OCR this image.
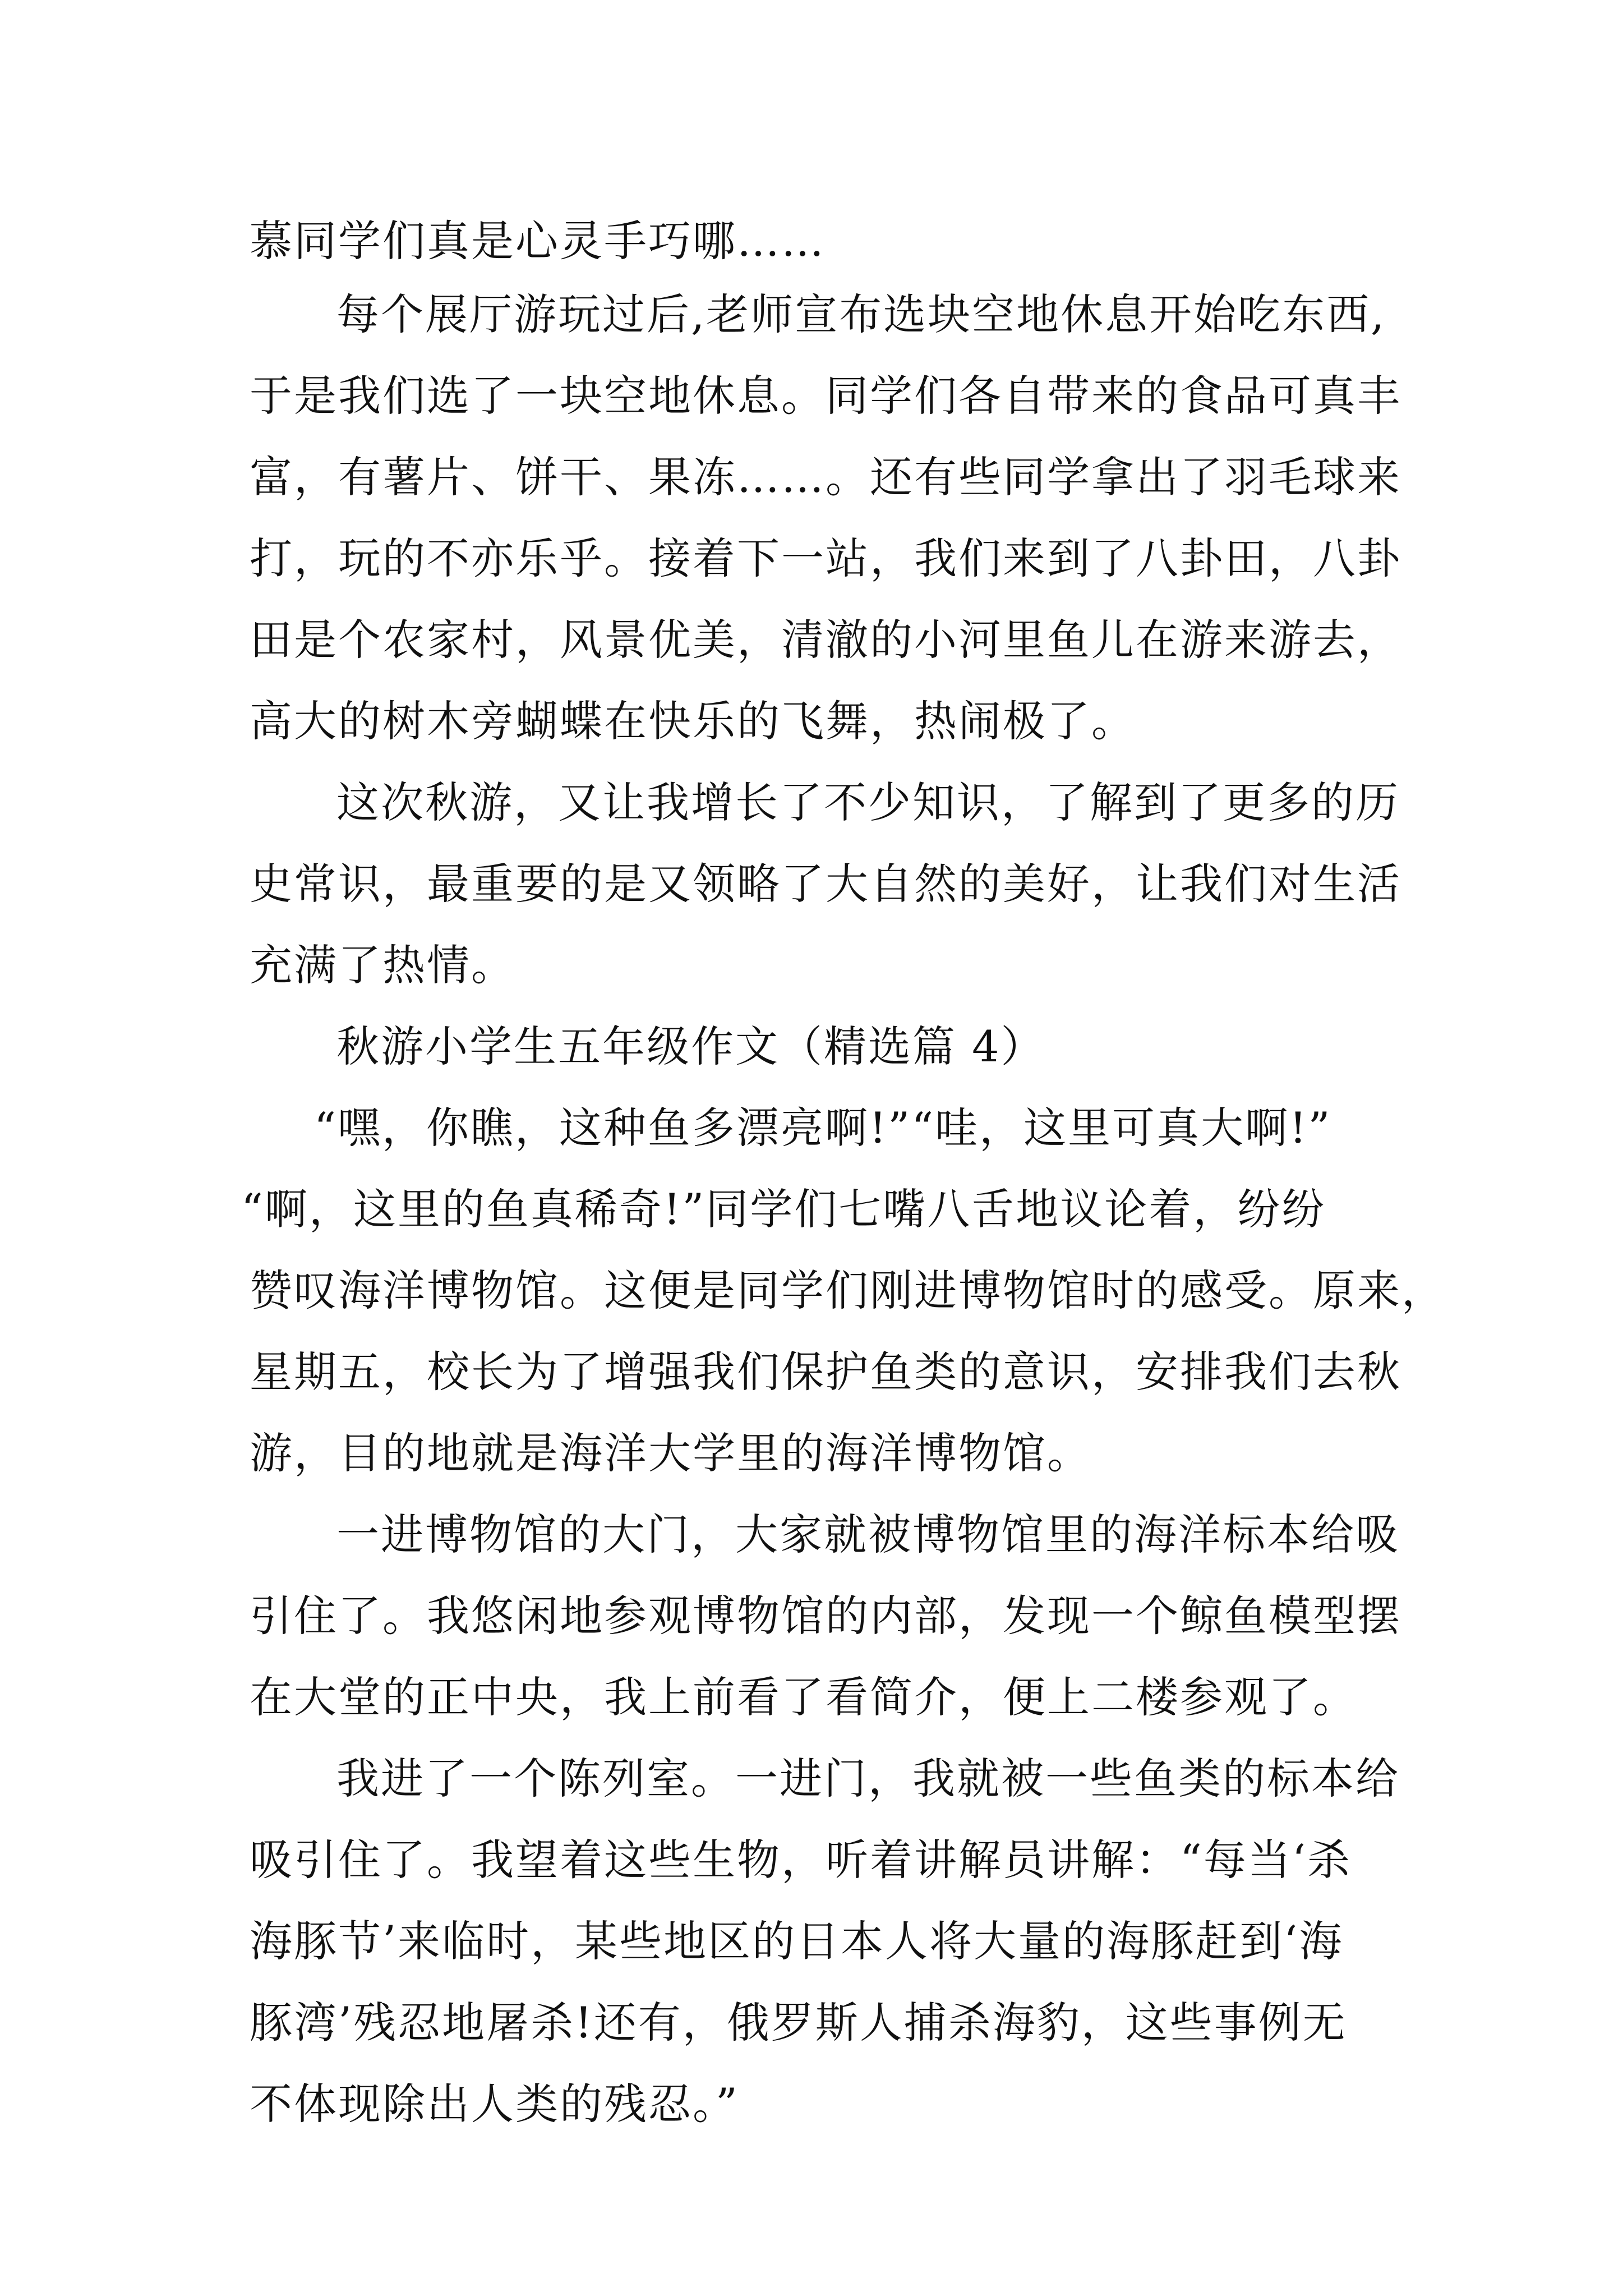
慕同学们真是心灵手巧哪……
每个展厅游玩过后,老师宣布选块空地休息开始吃东西,
于是我们选了一块空地休息。同学们各自带来的食品可真丰
富，有薯片、饼干、果冻……。还有些同学拿出了羽毛球来
打，玩的不亦乐乎。接着下一站，我们来到了八卦田，八卦
田是个农家村，风景优美，清澈的小河里鱼儿在游来游去，
高大的树木旁蝴蝶在快乐的飞舞，热闹极了。
这次秋游，又让我增长了不少知识，了解到了更多的历
史常识，最重要的是又领略了大自然的美好，让我们对生活
充满了热情。
秋游小学生五年级作文（精选篇 4）
“嘿，你瞧，这种鱼多漂亮啊!”“哇，这里可真大啊!”
“啊，这里的鱼真稀奇!”同学们七嘴八舌地议论着，纷纷
赞叹海洋博物馆。这便是同学们刚进博物馆时的感受。原来，
星期五，校长为了增强我们保护鱼类的意识，安排我们去秋
游，目的地就是海洋大学里的海洋博物馆。
一进博物馆的大门，大家就被博物馆里的海洋标本给吸
引住了。我悠闲地参观博物馆的内部，发现一个鲸鱼模型摆
在大堂的正中央，我上前看了看简介，便上二楼参观了。
我进了一个陈列室。一进门，我就被一些鱼类的标本给
吸引住了。我望着这些生物，听着讲解员讲解：“每当‘杀
海豚节’来临时，某些地区的日本人将大量的海豚赶到‘海
豚湾’残忍地屠杀!还有，俄罗斯人捕杀海豹，这些事例无
不体现除出人类的残忍。”
